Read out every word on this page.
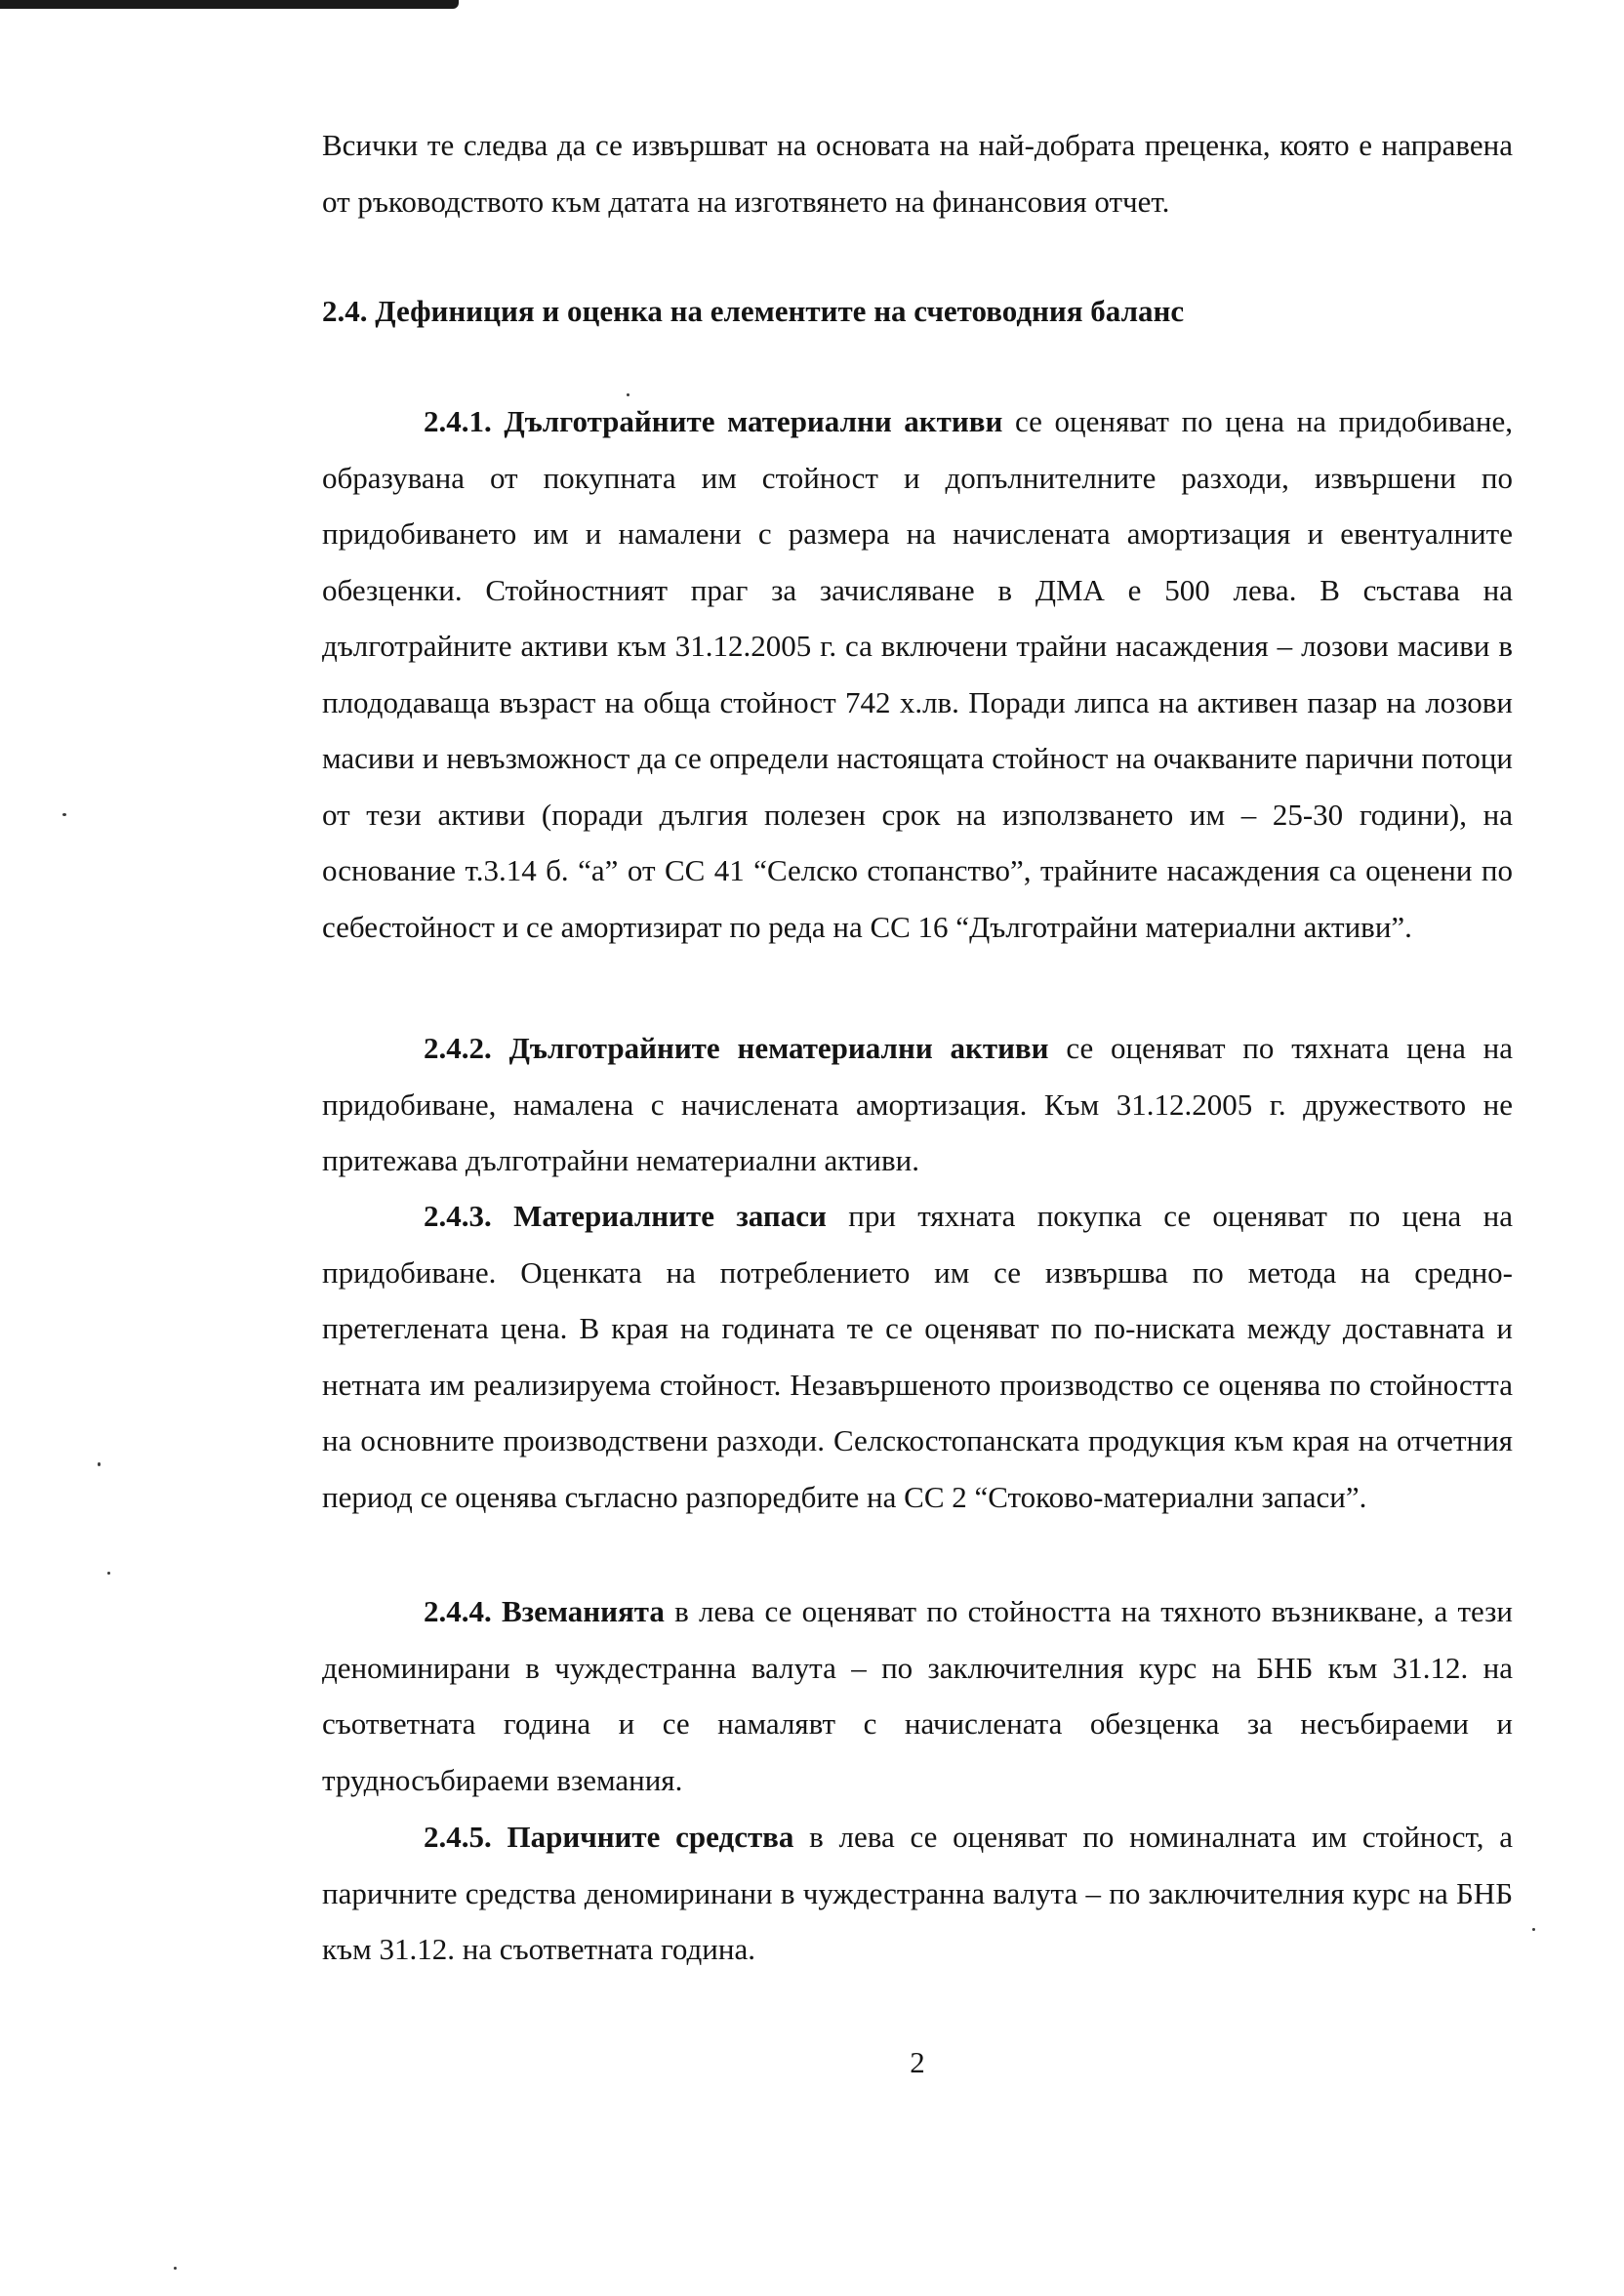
Всички те следва да се извършват на основата на най-добрата преценка, която е направена от ръководството към датата на изготвянето на финансовия отчет.

2.4. Дефиниция и оценка на елементите на счетоводния баланс

2.4.1. Дълготрайните материални активи се оценяват по цена на придобиване, образувана от покупната им стойност и допълнителните разходи, извършени по придобиването им и намалени с размера на начислената амортизация и евентуалните обезценки. Стойностният праг за зачисляване в ДМА е 500 лева. В състава на дълготрайните активи към 31.12.2005 г. са включени трайни насаждения – лозови масиви в плододаваща възраст на обща стойност 742 х.лв. Поради липса на активен пазар на лозови масиви и невъзможност да се определи настоящата стойност на очакваните парични потоци от тези активи (поради дългия полезен срок на използването им – 25-30 години), на основание т.3.14 б. “а” от СС 41 “Селско стопанство”, трайните насаждения са оценени по себестойност и се амортизират по реда на СС 16 “Дълготрайни материални активи”.

2.4.2. Дълготрайните нематериални активи се оценяват по тяхната цена на придобиване, намалена с начислената амортизация. Към 31.12.2005 г. дружеството не притежава дълготрайни нематериални активи.

2.4.3. Материалните запаси при тяхната покупка се оценяват по цена на придобиване. Оценката на потреблението им се извършва по метода на средно-претеглената цена. В края на годината те се оценяват по по-ниската между доставната и нетната им реализируема стойност. Незавършеното производство се оценява по стойността на основните производствени разходи. Селскостопанската продукция към края на отчетния период се оценява съгласно разпоредбите на СС 2 “Стоково-материални запаси”.

2.4.4. Вземанията в лева се оценяват по стойността на тяхното възникване, а тези деноминирани в чуждестранна валута – по заключителния курс на БНБ към 31.12. на съответната година и се намалявт с начислената обезценка за несъбираеми и трудносъбираеми вземания.

2.4.5. Паричните средства в лева се оценяват по номиналната им стойност, а паричните средства деномиринани в чуждестранна валута – по заключителния курс на БНБ към 31.12. на съответната година.

2
